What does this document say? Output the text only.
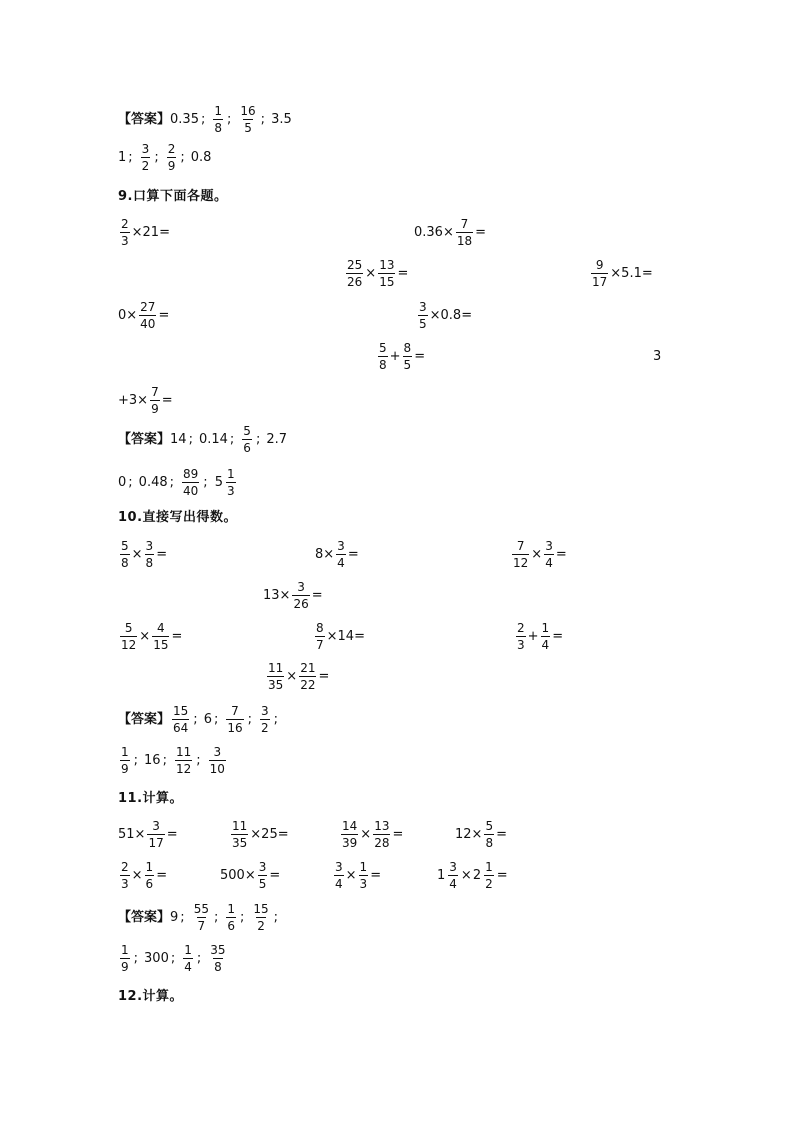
【答案】 0.35 ; $\frac{1}{8}$ ; $\frac{16}{5}$ ; 3.5
1 ; $\frac{3}{2}$ ; $\frac{2}{9}$ ; 0.8
9.口算下面各题。
$\frac{2}{3} \times 21=$	$0.36\times \frac{7}{18}$ =
$\frac{25}{26} \times \frac{13}{15}$ =	$\frac{9}{17} \times 5.1=$
$0\times \frac{27}{40}$ =	$\frac{3}{5} \times 0.8=$
$\frac{5}{8} + \frac{8}{5}$ =	3
$+3\times \frac{7}{9}$ =
【答案】 14 ; 0.14 ; $\frac{5}{6}$ ; 2.7
0 ; 0.48 ; $\frac{89}{40}$ ; $5 \frac{1}{3}$
10.直接写出得数。
$\frac{5}{8} \times \frac{3}{8}$ =	$8\times \frac{3}{4}$ =	$\frac{7}{12} \times \frac{3}{4}$ =
$13\times \frac{3}{26}$ =
$\frac{5}{12} \times \frac{4}{15}$ =	$\frac{8}{7} \times 14=$	$\frac{2}{3} + \frac{1}{4}$ =
$\frac{11}{35} \times \frac{21}{22}$ =
【答案】 $\frac{15}{64}$ ; 6 ; $\frac{7}{16}$ ; $\frac{3}{2}$ ;
$\frac{1}{9}$ ; 16 ; $\frac{11}{12}$ ; $\frac{3}{10}$
11.计算。
$51\times \frac{3}{17}$ =	$\frac{11}{35} \times 25=$	$\frac{14}{39} \times \frac{13}{28}$ =	$12\times \frac{5}{8}$ =
$\frac{2}{3} \times \frac{1}{6}$ =	$500\times \frac{3}{5}$ =	$\frac{3}{4} \times \frac{1}{3}$ =	$1 \frac{3}{4} \times 2 \frac{1}{2}$ =
【答案】 9 ; $\frac{55}{7}$ ; $\frac{1}{6}$ ; $\frac{15}{2}$ ;
$\frac{1}{9}$ ; 300 ; $\frac{1}{4}$ ; $\frac{35}{8}$
12.计算。
